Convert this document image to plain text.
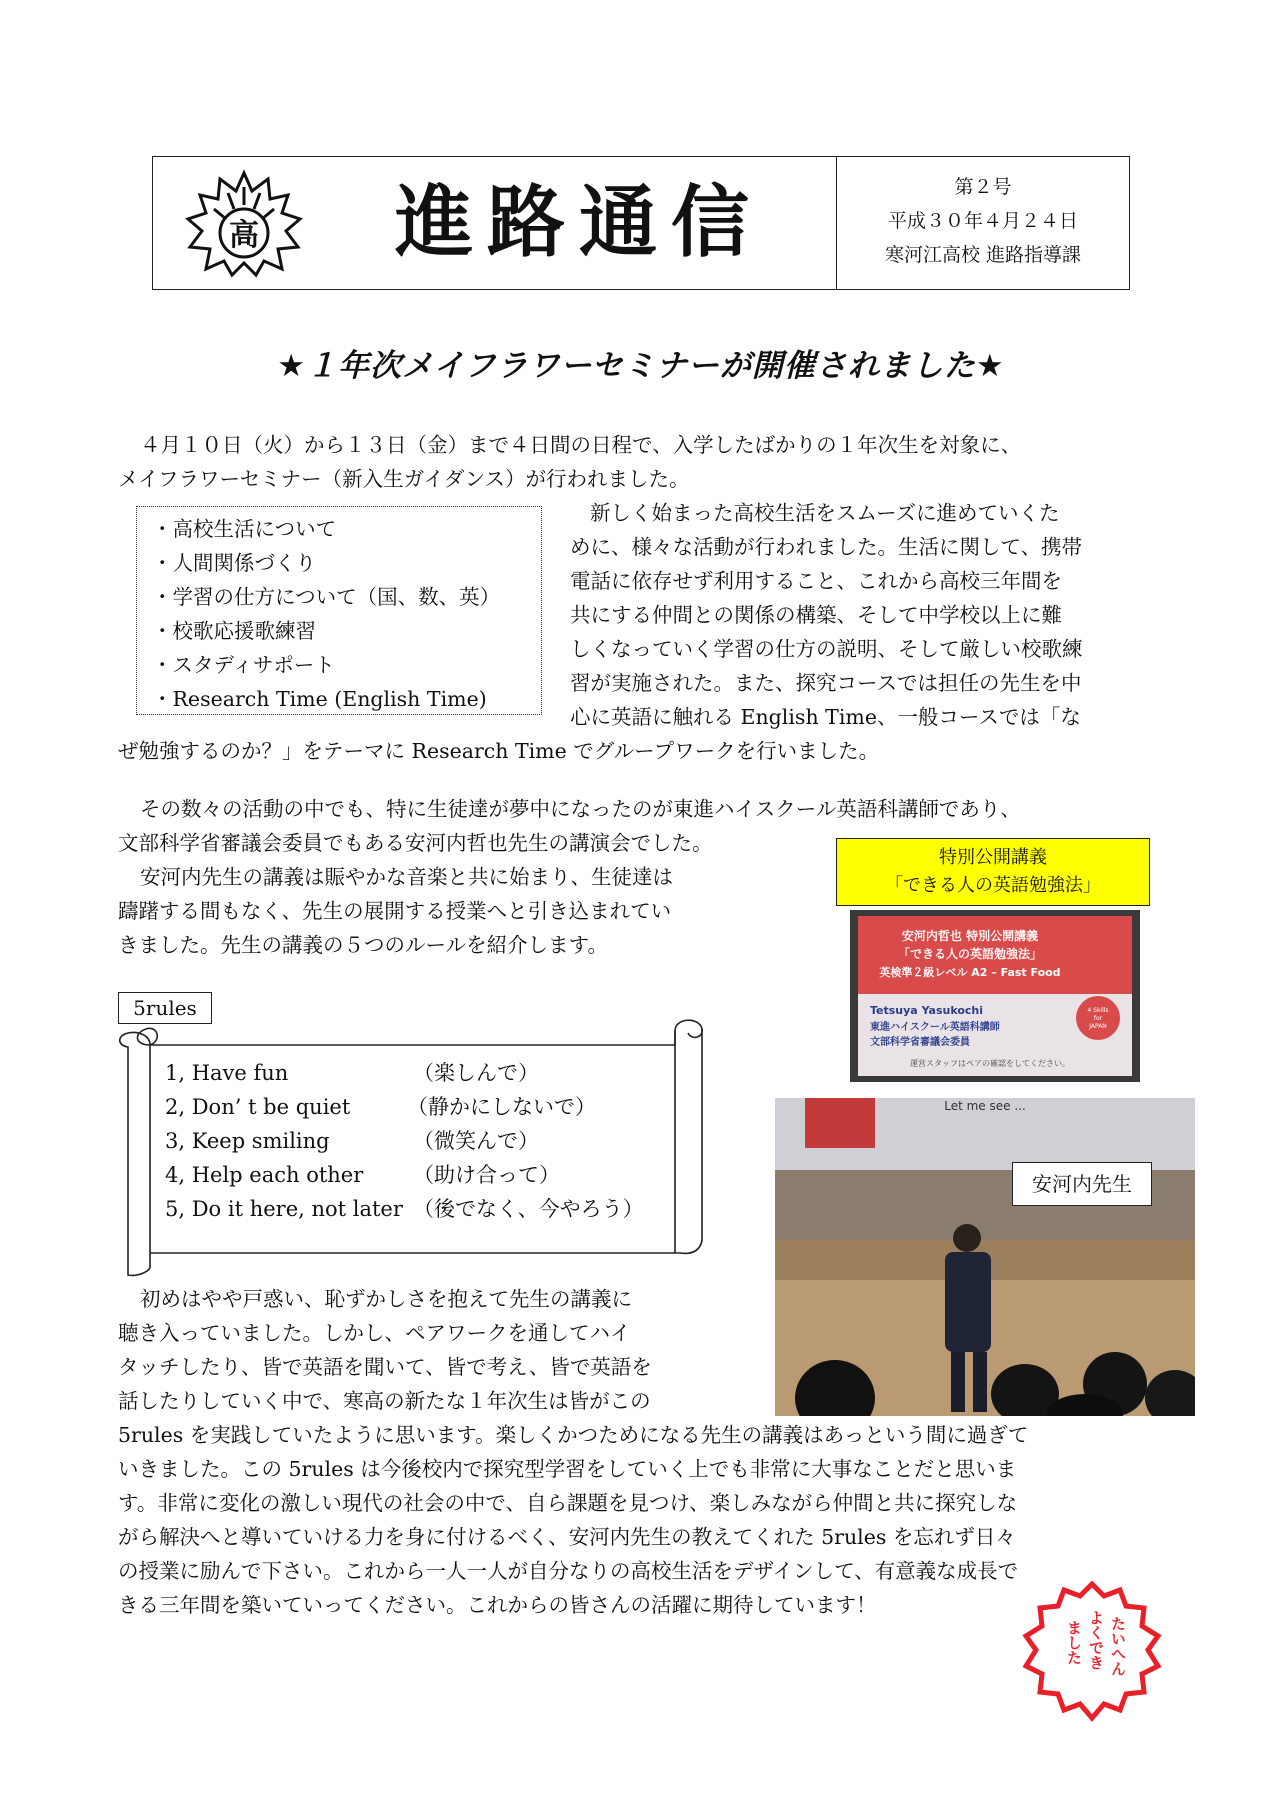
高 進路通信	第２号
平成３０年４月２４日
寒河江高校 進路指導課
★１年次メイフラワーセミナーが開催されました★
４月１０日（火）から１３日（金）まで４日間の日程で、入学したばかりの１年次生を対象に、
メイフラワーセミナー（新入生ガイダンス）が行われました。
・高校生活について
・人間関係づくり
・学習の仕方について（国、数、英）
・校歌応援歌練習
・スタディサポート
・Research Time (English Time)
新しく始まった高校生活をスムーズに進めていくた
めに、様々な活動が行われました。生活に関して、携帯
電話に依存せず利用すること、これから高校三年間を
共にする仲間との関係の構築、そして中学校以上に難
しくなっていく学習の仕方の説明、そして厳しい校歌練
習が実施された。また、探究コースでは担任の先生を中
心に英語に触れる English Time、一般コースでは「な
ぜ勉強するのか？」をテーマに Research Time でグループワークを行いました。
その数々の活動の中でも、特に生徒達が夢中になったのが東進ハイスクール英語科講師であり、
文部科学省審議会委員でもある安河内哲也先生の講演会でした。
安河内先生の講義は賑やかな音楽と共に始まり、生徒達は
躊躇する間もなく、先生の展開する授業へと引き込まれてい
きました。先生の講義の５つのルールを紹介します。
特別公開講義
「できる人の英語勉強法」
安河内哲也 特別公開講義
「できる人の英語勉強法」
英検準２級レベル A2 – Fast Food
Tetsuya Yasukochi
東進ハイスクール英語科講師
文部科学省審議会委員
4 Skills
for
JAPAN
運営スタッフはペアの確認をしてください。
Let me see ...
安河内先生
5rules
1, Have fun	（楽しんで）
2, Don’ t be quiet	（静かにしないで）
3, Keep smiling	（微笑んで）
4, Help each other	（助け合って）
5, Do it here, not later （後でなく、今やろう）
初めはやや戸惑い、恥ずかしさを抱えて先生の講義に
聴き入っていました。しかし、ペアワークを通してハイ
タッチしたり、皆で英語を聞いて、皆で考え、皆で英語を
話したりしていく中で、寒高の新たな１年次生は皆がこの
5rules を実践していたように思います。楽しくかつためになる先生の講義はあっという間に過ぎて
いきました。この 5rules は今後校内で探究型学習をしていく上でも非常に大事なことだと思いま
す。非常に変化の激しい現代の社会の中で、自ら課題を見つけ、楽しみながら仲間と共に探究しな
がら解決へと導いていける力を身に付けるべく、安河内先生の教えてくれた 5rules を忘れず日々
の授業に励んで下さい。これから一人一人が自分なりの高校生活をデザインして、有意義な成長で
きる三年間を築いていってください。これからの皆さんの活躍に期待しています！
たいへん
よくでき
ました
